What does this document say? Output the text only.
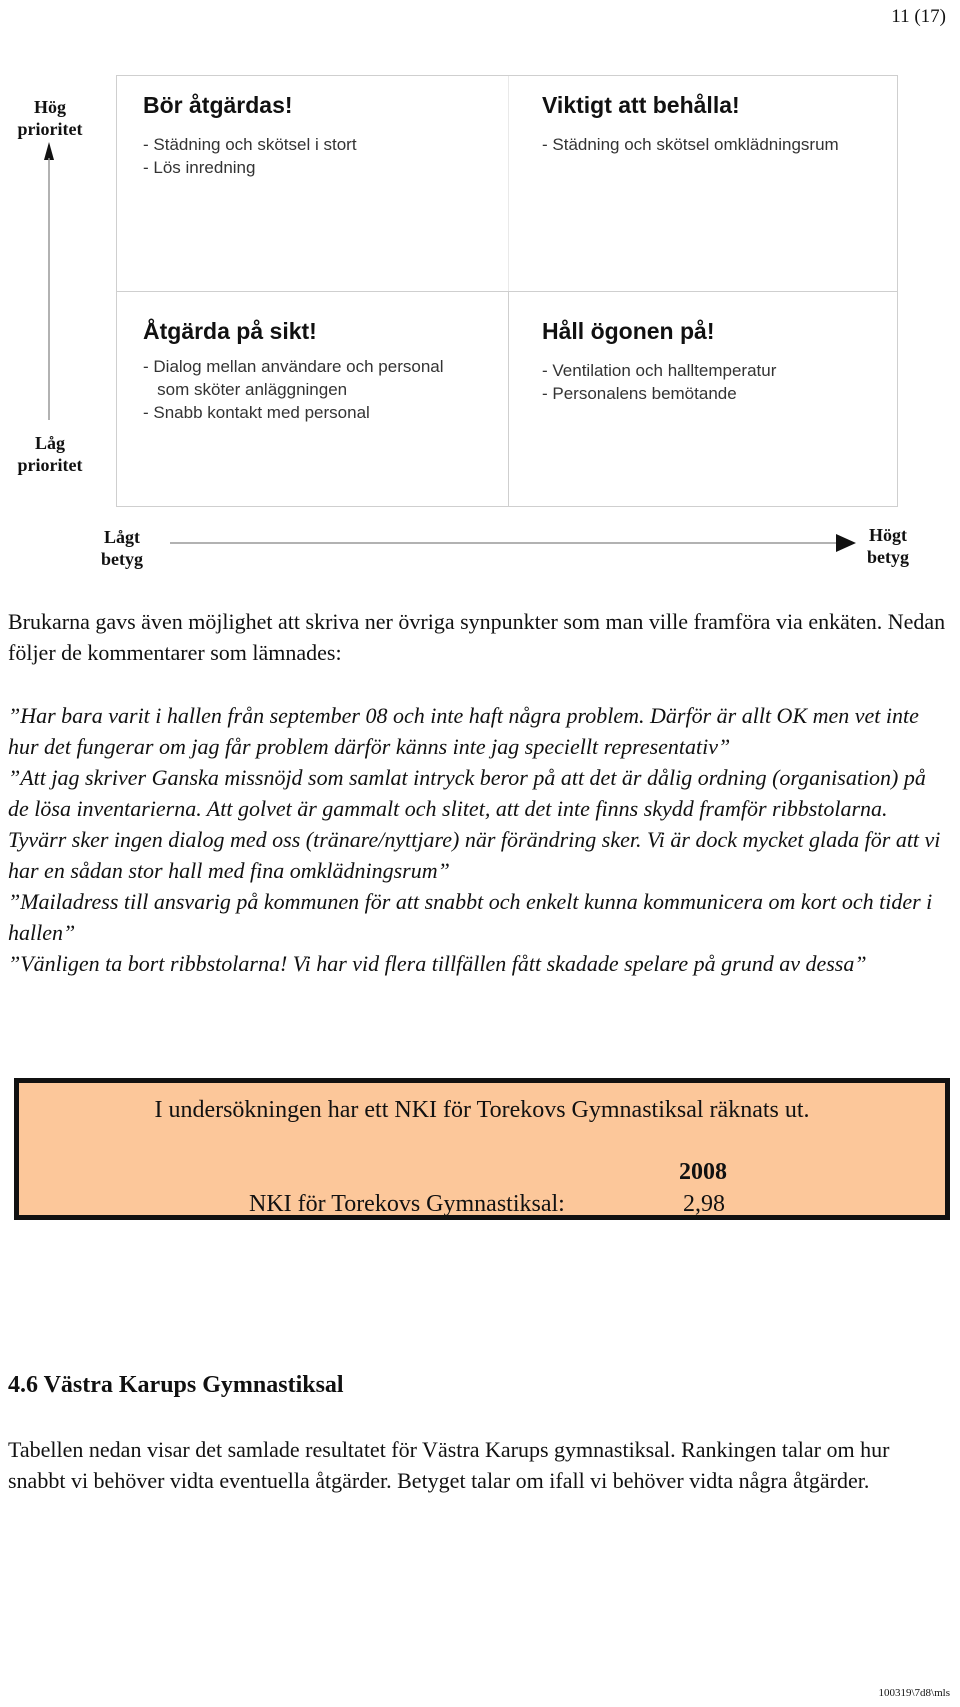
11 (17)
Hög prioritet
Låg prioritet
Bör åtgärdas!
- Städning och skötsel i stort
- Lös inredning
Viktigt att behålla!
- Städning och skötsel omklädningsrum
Åtgärda på sikt!
- Dialog mellan användare och personal
som sköter anläggningen
- Snabb kontakt med personal
Håll ögonen på!
- Ventilation och halltemperatur
- Personalens bemötande
Lågt betyg
Högt betyg
Brukarna gavs även möjlighet att skriva ner övriga synpunkter som man ville framföra via enkäten. Nedan följer de kommentarer som lämnades:

”Har bara varit i hallen från september 08 och inte haft några problem. Därför är allt OK men vet inte hur det fungerar om jag får problem därför känns inte jag speciellt representativ”

”Att jag skriver Ganska missnöjd som samlat intryck beror på att det är dålig ordning (organisation) på de lösa inventarierna. Att golvet är gammalt och slitet, att det inte finns skydd framför ribbstolarna. Tyvärr sker ingen dialog med oss (tränare/nyttjare) när förändring sker. Vi är dock mycket glada för att vi har en sådan stor hall med fina omklädningsrum”

”Mailadress till ansvarig på kommunen för att snabbt och enkelt kunna kommunicera om kort och tider i hallen”

”Vänligen ta bort ribbstolarna! Vi har vid flera tillfällen fått skadade spelare på grund av dessa”

I undersökningen har ett NKI för Torekovs Gymnastiksal räknats ut.
2008
NKI för Torekovs Gymnastiksal:	2,98
4.6 Västra Karups Gymnastiksal
Tabellen nedan visar det samlade resultatet för Västra Karups gymnastiksal. Rankingen talar om hur snabbt vi behöver vidta eventuella åtgärder. Betyget talar om ifall vi behöver vidta några åtgärder.
100319\7d8\mls
